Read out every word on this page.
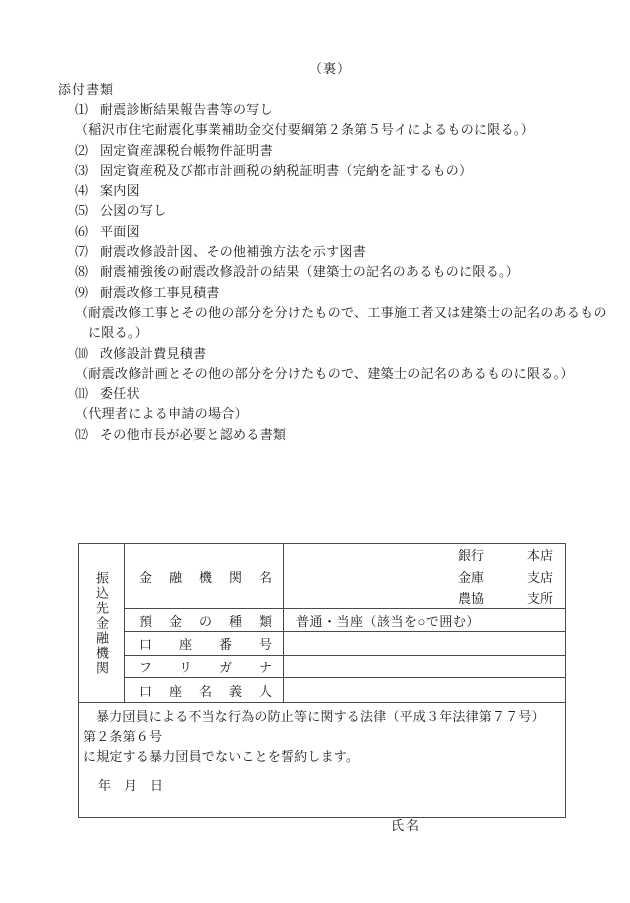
（裏）
添付書類
⑴ 耐震診断結果報告書等の写し
（稲沢市住宅耐震化事業補助金交付要綱第２条第５号イによるものに限る。）
⑵ 固定資産課税台帳物件証明書
⑶ 固定資産税及び都市計画税の納税証明書（完納を証するもの）
⑷ 案内図
⑸ 公図の写し
⑹ 平面図
⑺ 耐震改修設計図、その他補強方法を示す図書
⑻ 耐震補強後の耐震改修設計の結果（建築士の記名のあるものに限る。）
⑼ 耐震改修工事見積書
（耐震改修工事とその他の部分を分けたもので、工事施工者又は建築士の記名のあるもの
に限る。）
⑽ 改修設計費見積書
（耐震改修計画とその他の部分を分けたもので、建築士の記名のあるものに限る。）
⑾ 委任状
（代理者による申請の場合）
⑿ その他市長が必要と認める書類
振込先金融機関 金 融 機 関 名
銀行	本店
金庫	支店
農協	支所
預 金 の 種 類 普通・当座（該当を○で囲む）
口 座 番 号
フ リ ガ ナ
口 座 名 義 人
暴力団員による不当な行為の防止等に関する法律（平成３年法律第７７号）第２条第６号
に規定する暴力団員でないことを誓約します。
年　月　日
氏名
